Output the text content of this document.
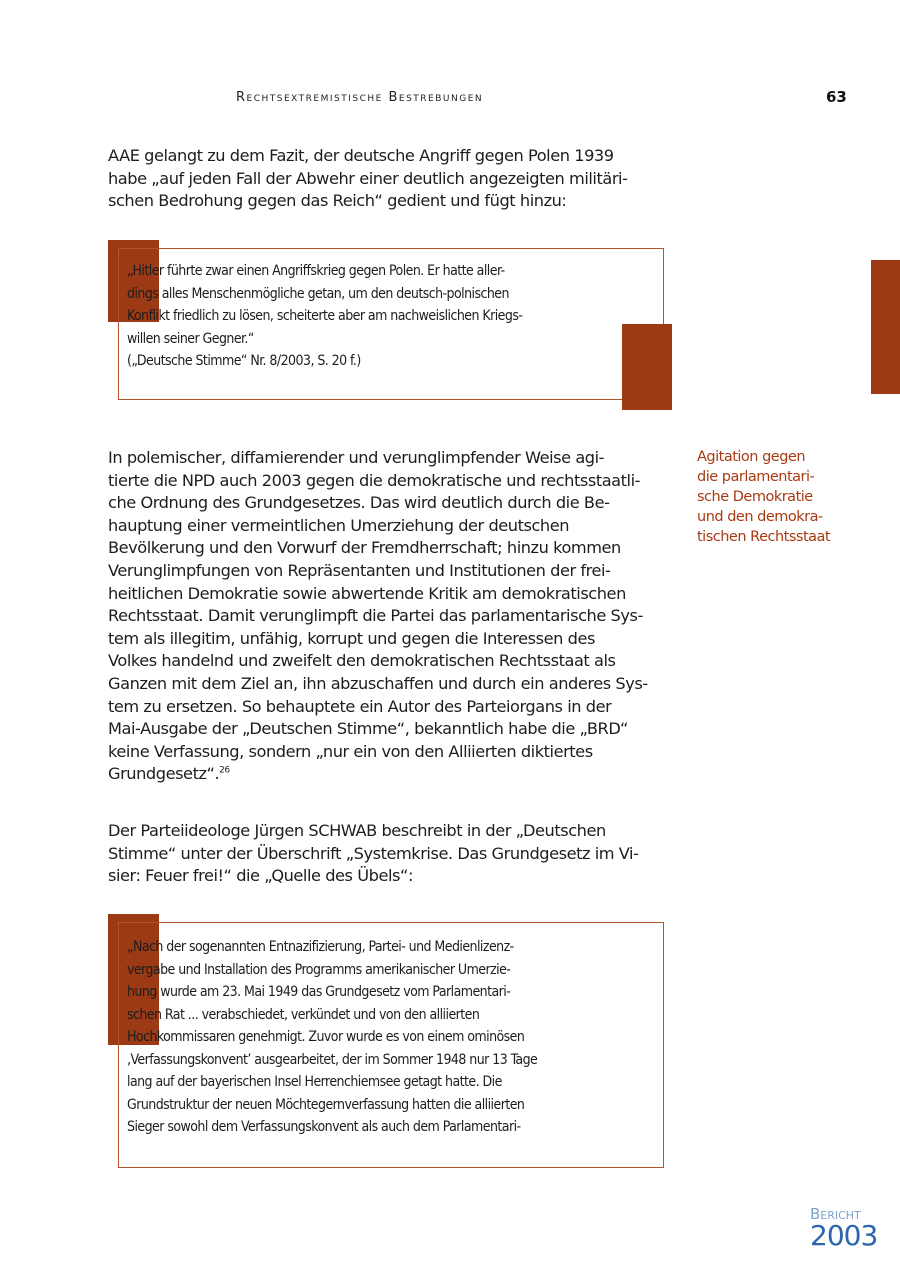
Rechtsextremistische Bestrebungen	63

AAE gelangt zu dem Fazit, der deutsche Angriff gegen Polen 1939
habe „auf jeden Fall der Abwehr einer deutlich angezeigten militäri-
schen Bedrohung gegen das Reich“ gedient und fügt hinzu:

„Hitler führte zwar einen Angriffskrieg gegen Polen. Er hatte aller-
dings alles Menschenmögliche getan, um den deutsch-polnischen
Konflikt friedlich zu lösen, scheiterte aber am nachweislichen Kriegs-
willen seiner Gegner.“
(„Deutsche Stimme“ Nr. 8/2003, S. 20 f.)

In polemischer, diffamierender und verunglimpfender Weise agi-
tierte die NPD auch 2003 gegen die demokratische und rechtsstaatli-
che Ordnung des Grundgesetzes. Das wird deutlich durch die Be-
hauptung einer vermeintlichen Umerziehung der deutschen
Bevölkerung und den Vorwurf der Fremdherrschaft; hinzu kommen
Verunglimpfungen von Repräsentanten und Institutionen der frei-
heitlichen Demokratie sowie abwertende Kritik am demokratischen
Rechtsstaat. Damit verunglimpft die Partei das parlamentarische Sys-
tem als illegitim, unfähig, korrupt und gegen die Interessen des
Volkes handelnd und zweifelt den demokratischen Rechtsstaat als
Ganzen mit dem Ziel an, ihn abzuschaffen und durch ein anderes Sys-
tem zu ersetzen. So behauptete ein Autor des Parteiorgans in der
Mai-Ausgabe der „Deutschen Stimme“, bekanntlich habe die „BRD“
keine Verfassung, sondern „nur ein von den Alliierten diktiertes
Grundgesetz“.$^{26}$

Agitation gegen
die parlamentari-
sche Demokratie
und den demokra-
tischen Rechtsstaat

Der Parteiideologe Jürgen SCHWAB beschreibt in der „Deutschen
Stimme“ unter der Überschrift „Systemkrise. Das Grundgesetz im Vi-
sier: Feuer frei!“ die „Quelle des Übels“:

„Nach der sogenannten Entnazifizierung, Partei- und Medienlizenz-
vergabe und Installation des Programms amerikanischer Umerzie-
hung wurde am 23. Mai 1949 das Grundgesetz vom Parlamentari-
schen Rat ... verabschiedet, verkündet und von den alliierten
Hochkommissaren genehmigt. Zuvor wurde es von einem ominösen
‚Verfassungskonvent’ ausgearbeitet, der im Sommer 1948 nur 13 Tage
lang auf der bayerischen Insel Herrenchiemsee getagt hatte. Die
Grundstruktur der neuen Möchtegernverfassung hatten die alliierten
Sieger sowohl dem Verfassungskonvent als auch dem Parlamentari-

Bericht
2003
